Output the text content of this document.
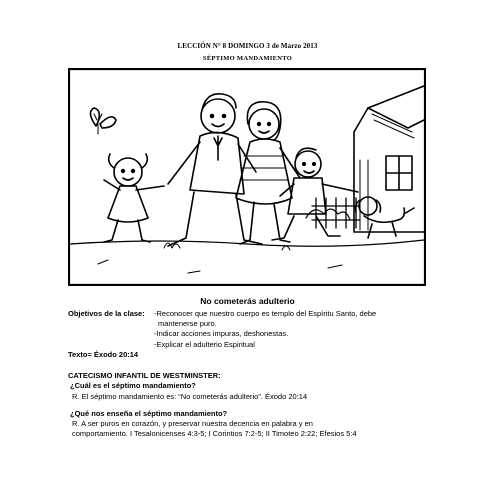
LECCIÓN N° 8 DOMINGO 3 de Marzo 2013
SÉPTIMO MANDAMIENTO
No cometerás adulterio
Objetivos de la clase: -Reconocer que nuestro cuerpo es templo del Espíritu Santo, debe
mantenerse puro.
-Indicar acciones impuras, deshonestas.
-Explicar el adulterio Espiritual
Texto= Éxodo 20:14
CATECISMO INFANTIL DE WESTMINSTER:
¿Cuál es el séptimo mandamiento?
R. El séptimo mandamiento es: “No cometerás adulterio”. Éxodo 20:14
¿Qué nos enseña el séptimo mandamiento?
R. A ser puros en corazón, y preservar nuestra decencia en palabra y en
comportamiento. I Tesalonicenses 4:3-5; I Corintios 7:2-5; II Timoteo 2:22; Efesios 5:4
